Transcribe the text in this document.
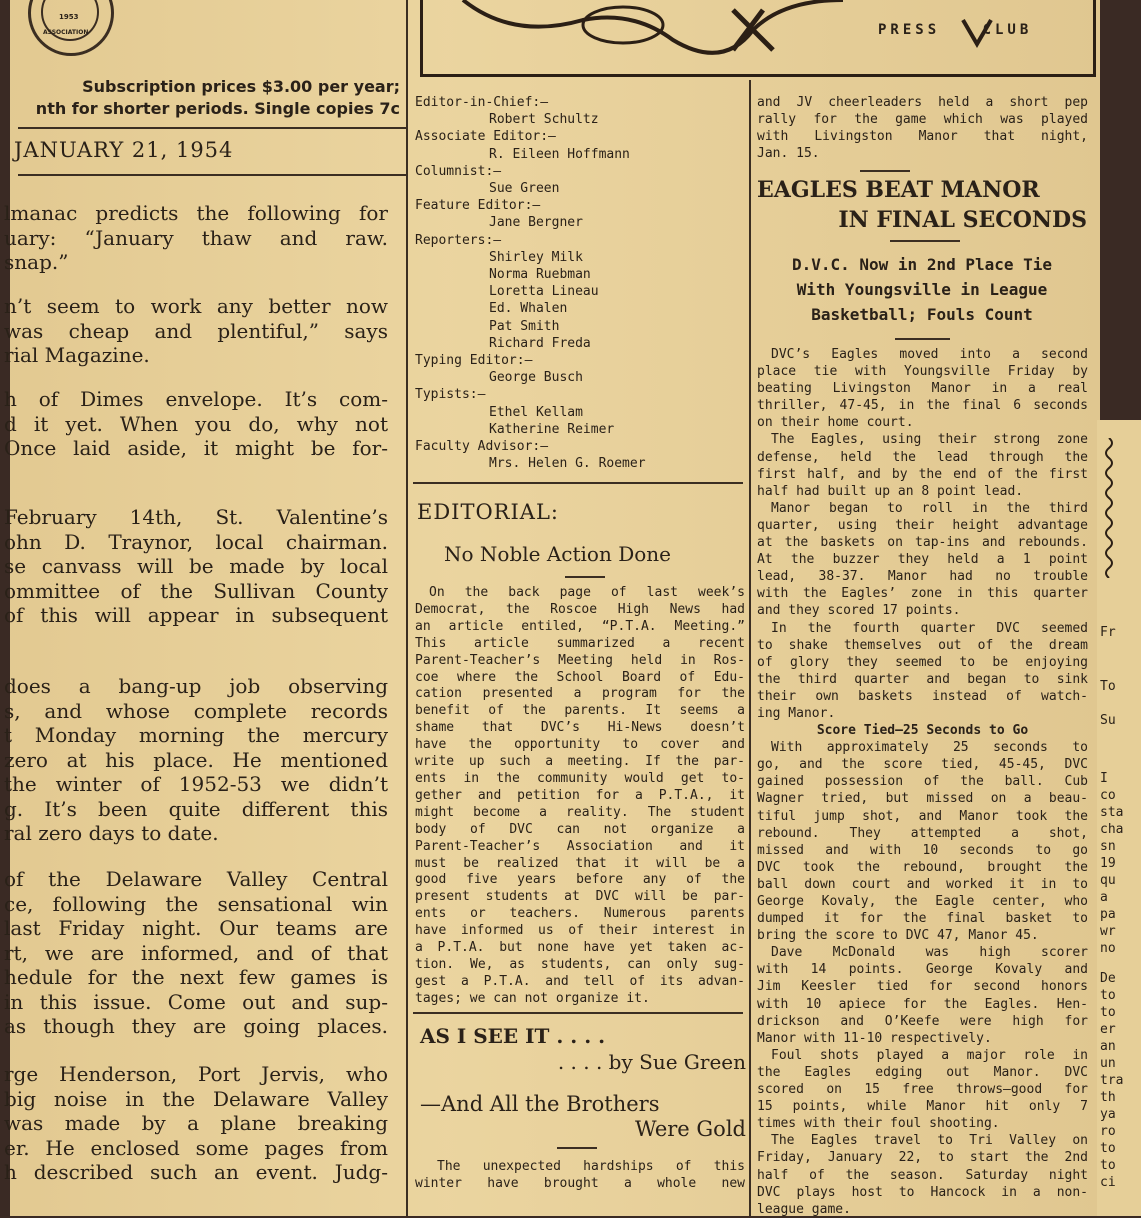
1953
ASSOCIATION	PRESS CLUB
Subscription prices $3.00 per year;
nth for shorter periods. Single copies 7c
JANUARY 21, 1954
lmanac predicts the following for
uary: “January thaw and raw.
snap.”
n’t seem to work any better now
was cheap and plentiful,” says
rial Magazine.
h of Dimes envelope. It’s com-
d it yet. When you do, why not
Once laid aside, it might be for-
February 14th, St. Valentine’s
ohn D. Traynor, local chairman.
se canvass will be made by local
ommittee of the Sullivan County
of this will appear in subsequent
does a bang-up job observing
s, and whose complete records
t Monday morning the mercury
zero at his place. He mentioned
the winter of 1952-53 we didn’t
g. It’s been quite different this
ral zero days to date.
of the Delaware Valley Central
ce, following the sensational win
last Friday night. Our teams are
rt, we are informed, and of that
hedule for the next few games is
in this issue. Come out and sup-
as though they are going places.
rge Henderson, Port Jervis, who
big noise in the Delaware Valley
was made by a plane breaking
er. He enclosed some pages from
h described such an event. Judg-
Editor-in-Chief:—
Robert Schultz
Associate Editor:—
R. Eileen Hoffmann
Columnist:—
Sue Green
Feature Editor:—
Jane Bergner
Reporters:—
Shirley Milk
Norma Ruebman
Loretta Lineau
Ed. Whalen
Pat Smith
Richard Freda
Typing Editor:—
George Busch
Typists:—
Ethel Kellam
Katherine Reimer
Faculty Advisor:—
Mrs. Helen G. Roemer
EDITORIAL:
No Noble Action Done
On the back page of last week’s
Democrat, the Roscoe High News had
an article entiled, “P.T.A. Meeting.”
This article summarized a recent
Parent-Teacher’s Meeting held in Ros-
coe where the School Board of Edu-
cation presented a program for the
benefit of the parents. It seems a
shame that DVC’s Hi-News doesn’t
have the opportunity to cover and
write up such a meeting. If the par-
ents in the community would get to-
gether and petition for a P.T.A., it
might become a reality. The student
body of DVC can not organize a
Parent-Teacher’s Association and it
must be realized that it will be a
good five years before any of the
present students at DVC will be par-
ents or teachers. Numerous parents
have informed us of their interest in
a P.T.A. but none have yet taken ac-
tion. We, as students, can only sug-
gest a P.T.A. and tell of its advan-
tages; we can not organize it.
AS I SEE IT . . . .
. . . . by Sue Green
—And All the Brothers
Were Gold
The unexpected hardships of this
winter have brought a whole new
and JV cheerleaders held a short pep
rally for the game which was played
with Livingston Manor that night,
Jan. 15.
EAGLES BEAT MANOR
IN FINAL SECONDS
D.V.C. Now in 2nd Place Tie
With Youngsville in League
Basketball; Fouls Count
DVC’s Eagles moved into a second
place tie with Youngsville Friday by
beating Livingston Manor in a real
thriller, 47-45, in the final 6 seconds
on their home court.
The Eagles, using their strong zone
defense, held the lead through the
first half, and by the end of the first
half had built up an 8 point lead.
Manor began to roll in the third
quarter, using their height advantage
at the baskets on tap-ins and rebounds.
At the buzzer they held a 1 point
lead, 38-37. Manor had no trouble
with the Eagles’ zone in this quarter
and they scored 17 points.
In the fourth quarter DVC seemed
to shake themselves out of the dream
of glory they seemed to be enjoying
the third quarter and began to sink
their own baskets instead of watch-
ing Manor.
Score Tied—25 Seconds to Go
With approximately 25 seconds to
go, and the score tied, 45-45, DVC
gained possession of the ball. Cub
Wagner tried, but missed on a beau-
tiful jump shot, and Manor took the
rebound. They attempted a shot,
missed and with 10 seconds to go
DVC took the rebound, brought the
ball down court and worked it in to
George Kovaly, the Eagle center, who
dumped it for the final basket to
bring the score to DVC 47, Manor 45.
Dave McDonald was high scorer
with 14 points. George Kovaly and
Jim Keesler tied for second honors
with 10 apiece for the Eagles. Hen-
drickson and O’Keefe were high for
Manor with 11-10 respectively.
Foul shots played a major role in
the Eagles edging out Manor. DVC
scored on 15 free throws—good for
15 points, while Manor hit only 7
times with their foul shooting.
The Eagles travel to Tri Valley on
Friday, January 22, to start the 2nd
half of the season. Saturday night
DVC plays host to Hancock in a non-
league game.
Fr
To
Su
I
co
sta
cha
sn
19
qu
a
pa
wr
no
De
to
to
er
an
un
tra
th
ya
ro
to
to
ci
